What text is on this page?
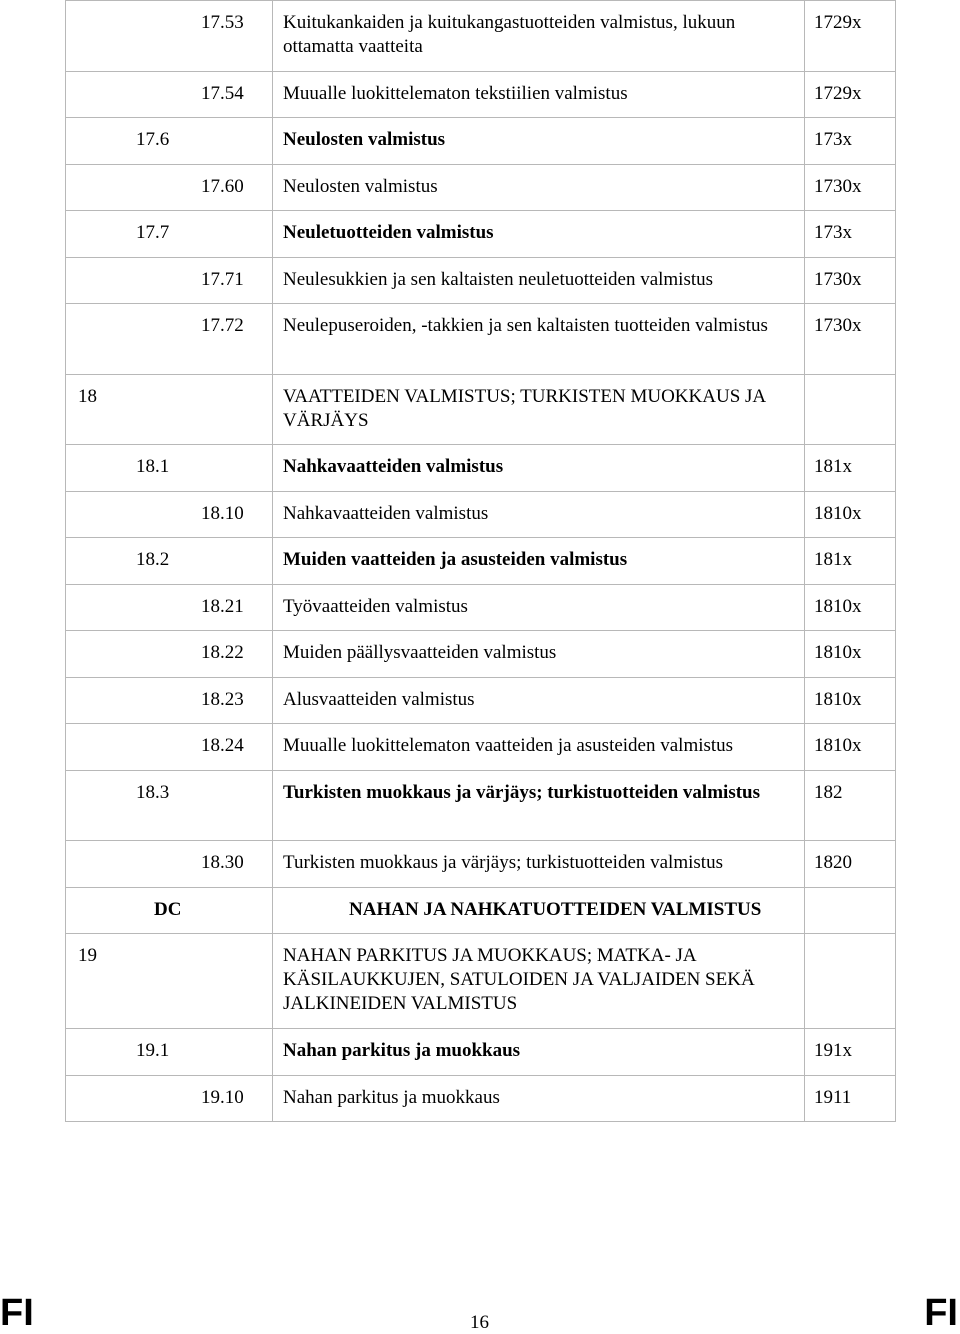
17.53	Kuitukankaiden ja kuitukangastuotteiden valmistus, lukuun ottamatta vaatteita	1729x

17.54	Muualle luokittelematon tekstiilien valmistus	1729x

17.6	Neulosten valmistus	173x

17.60	Neulosten valmistus	1730x

17.7	Neuletuotteiden valmistus	173x

17.71	Neulesukkien ja sen kaltaisten neuletuotteiden valmistus	1730x

17.72	Neulepuseroiden, -takkien ja sen kaltaisten tuotteiden valmistus	1730x

18	VAATTEIDEN VALMISTUS; TURKISTEN MUOKKAUS JA VÄRJÄYS	

18.1	Nahkavaatteiden valmistus	181x

18.10	Nahkavaatteiden valmistus	1810x

18.2	Muiden vaatteiden ja asusteiden valmistus	181x

18.21	Työvaatteiden valmistus	1810x

18.22	Muiden päällysvaatteiden valmistus	1810x

18.23	Alusvaatteiden valmistus	1810x

18.24	Muualle luokittelematon vaatteiden ja asusteiden valmistus	1810x

18.3	Turkisten muokkaus ja värjäys; turkistuotteiden valmistus	182

18.30	Turkisten muokkaus ja värjäys; turkistuotteiden valmistus	1820

DC	NAHAN JA NAHKATUOTTEIDEN VALMISTUS	

19	NAHAN PARKITUS JA MUOKKAUS; MATKA- JA KÄSILAUKKUJEN, SATULOIDEN JA VALJAIDEN SEKÄ JALKINEIDEN VALMISTUS	

19.1	Nahan parkitus ja muokkaus	191x

19.10	Nahan parkitus ja muokkaus	1911
FI	16	FI
